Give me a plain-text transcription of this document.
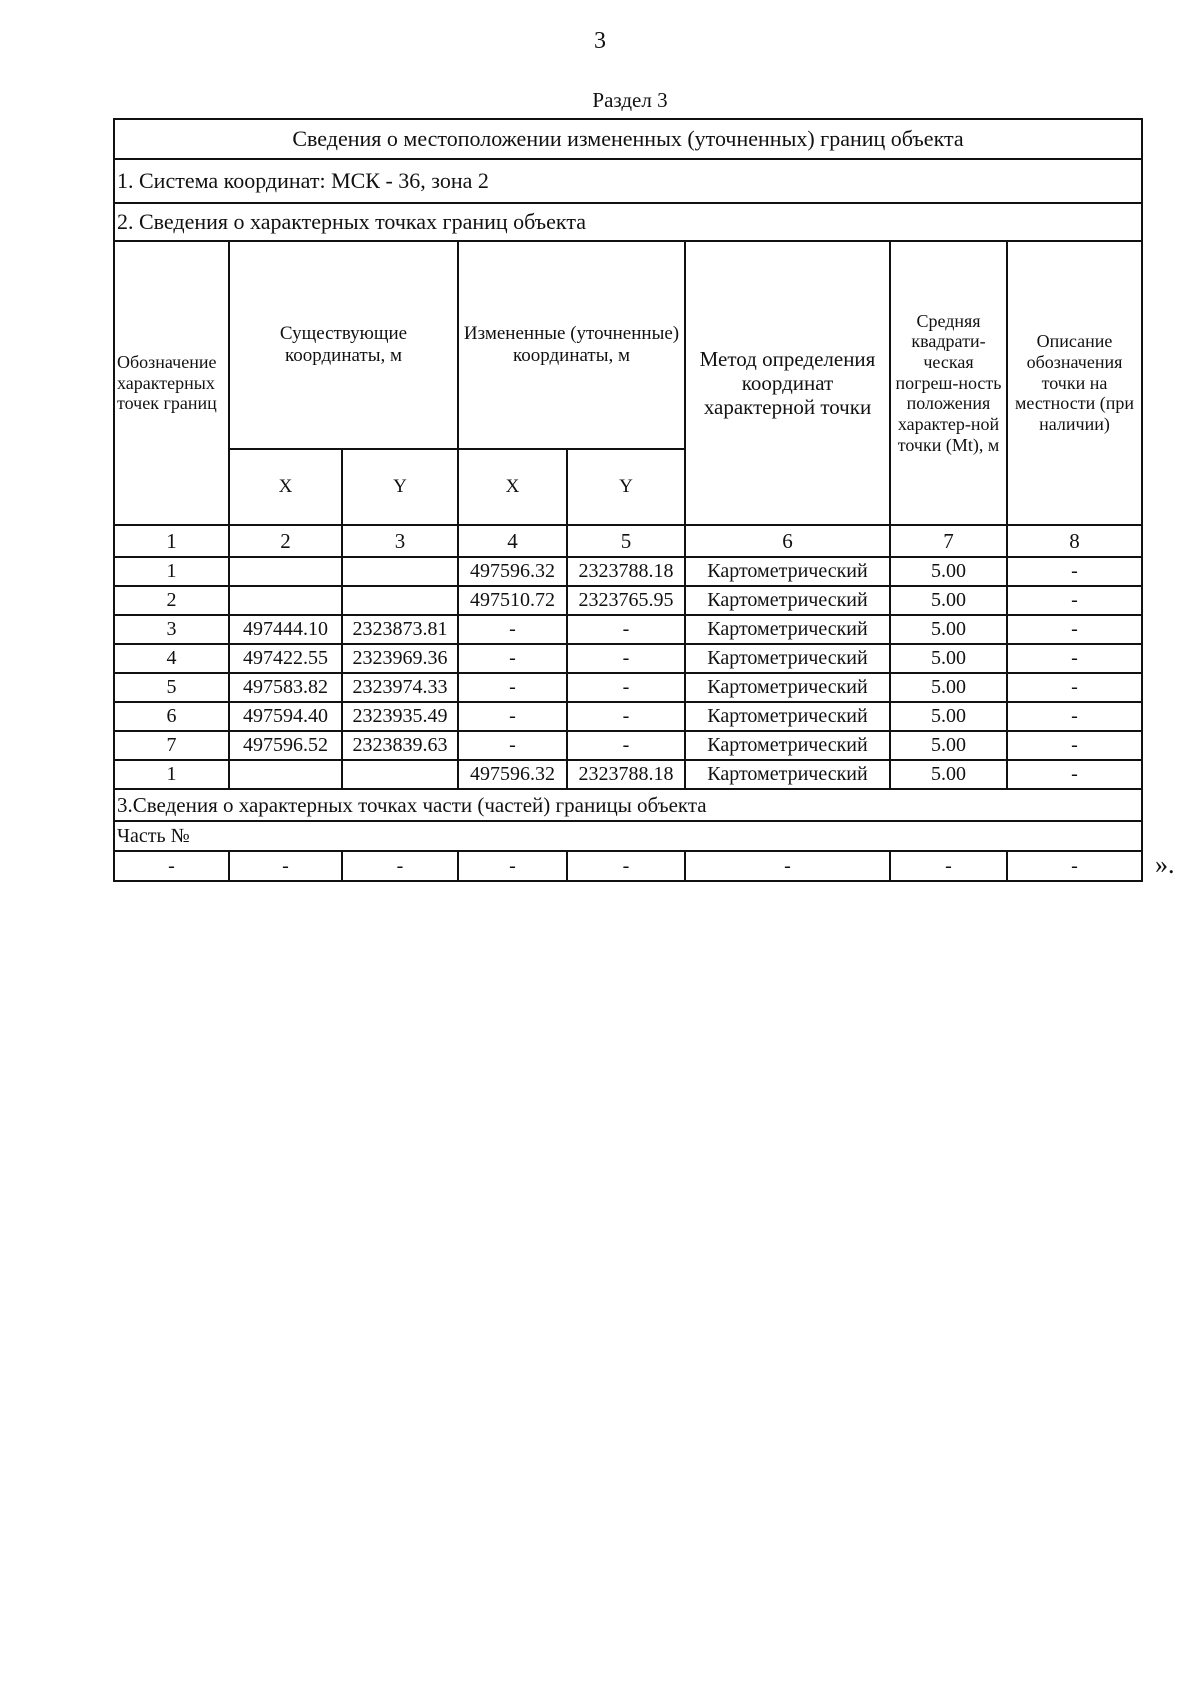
3
Раздел 3
Сведения о местоположении измененных (уточненных) границ объекта							
1. Система координат: МСК - 36, зона 2							
2. Сведения о характерных точках границ объекта							
Обозначение характерных точек границ	Существующие координаты, м		Измененные (уточненные) координаты, м		Метод определения координат характерной точки	Средняя квадрати-ческая погреш-ность положения характер-ной точки (Mt), м	Описание обозначения точки на местности (при наличии)
	X	Y	X	Y			
1	2	3	4	5	6	7	8
1			497596.32	2323788.18	Картометрический	5.00	-
2			497510.72	2323765.95	Картометрический	5.00	-
3	497444.10	2323873.81	-	-	Картометрический	5.00	-
4	497422.55	2323969.36	-	-	Картометрический	5.00	-
5	497583.82	2323974.33	-	-	Картометрический	5.00	-
6	497594.40	2323935.49	-	-	Картометрический	5.00	-
7	497596.52	2323839.63	-	-	Картометрический	5.00	-
1			497596.32	2323788.18	Картометрический	5.00	-
3.Сведения о характерных точках части (частей) границы объекта							
Часть №							
-	-	-	-	-	-	-	-	».
